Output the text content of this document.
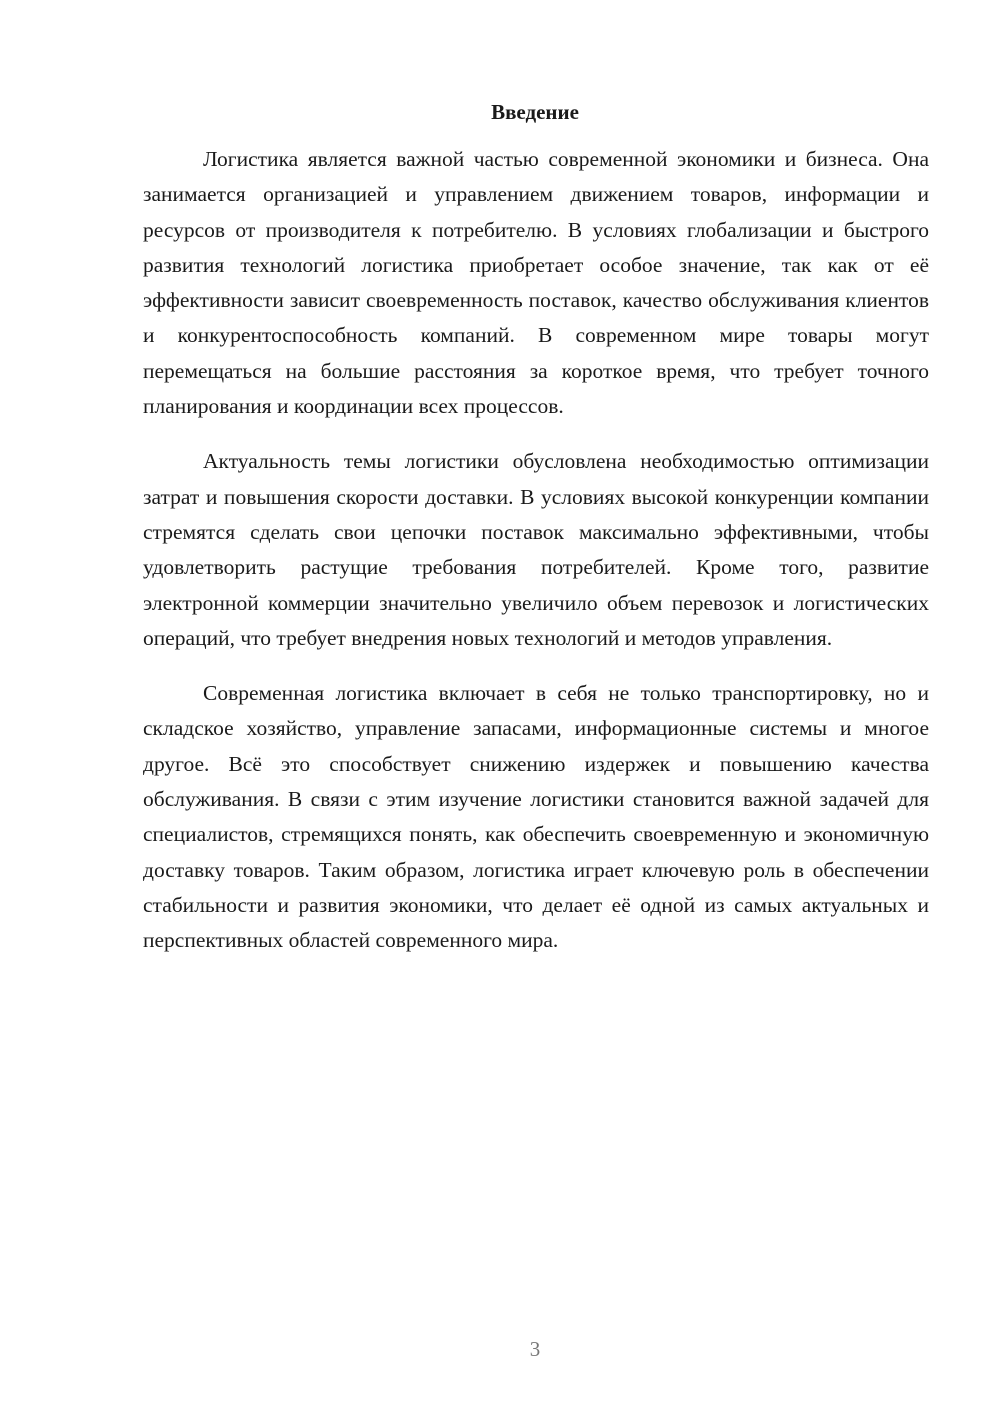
Введение

Логистика является важной частью современной экономики и бизнеса. Она занимается организацией и управлением движением товаров, информации и ресурсов от производителя к потребителю. В условиях глобализации и быстрого развития технологий логистика приобретает особое значение, так как от её эффективности зависит своевременность поставок, качество обслуживания клиентов и конкурентоспособность компаний. В современном мире товары могут перемещаться на большие расстояния за короткое время, что требует точного планирования и координации всех процессов.

Актуальность темы логистики обусловлена необходимостью оптимизации затрат и повышения скорости доставки. В условиях высокой конкуренции компании стремятся сделать свои цепочки поставок максимально эффективными, чтобы удовлетворить растущие требования потребителей. Кроме того, развитие электронной коммерции значительно увеличило объем перевозок и логистических операций, что требует внедрения новых технологий и методов управления.

Современная логистика включает в себя не только транспортировку, но и складское хозяйство, управление запасами, информационные системы и многое другое. Всё это способствует снижению издержек и повышению качества обслуживания. В связи с этим изучение логистики становится важной задачей для специалистов, стремящихся понять, как обеспечить своевременную и экономичную доставку товаров. Таким образом, логистика играет ключевую роль в обеспечении стабильности и развития экономики, что делает её одной из самых актуальных и перспективных областей современного мира.

3
